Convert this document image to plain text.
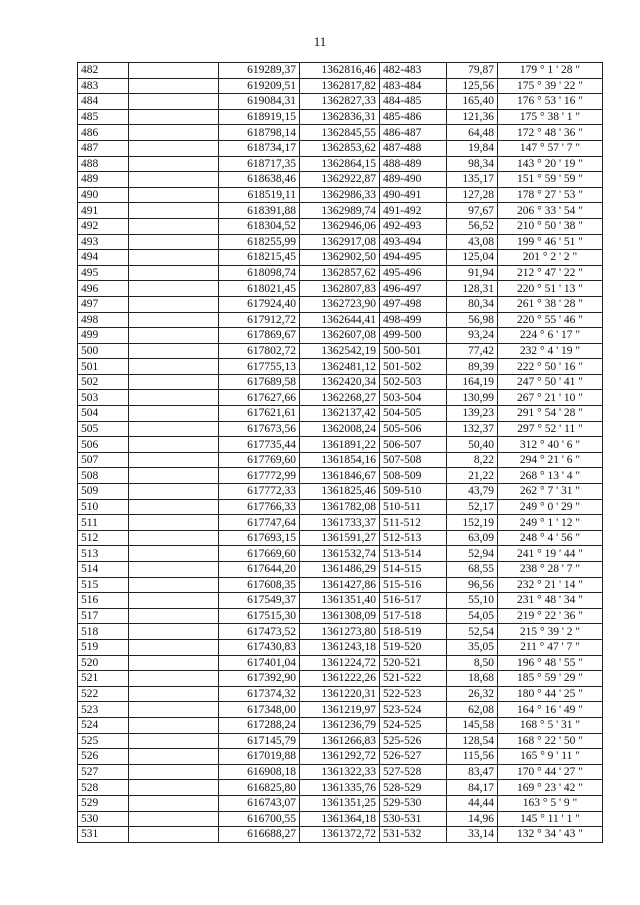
11
482		619289,37	1362816,46	482-483	79,87	179 ° 1 ' 28 "
483		619209,51	1362817,82	483-484	125,56	175 ° 39 ' 22 "
484		619084,31	1362827,33	484-485	165,40	176 ° 53 ' 16 "
485		618919,15	1362836,31	485-486	121,36	175 ° 38 ' 1 "
486		618798,14	1362845,55	486-487	64,48	172 ° 48 ' 36 "
487		618734,17	1362853,62	487-488	19,84	147 ° 57 ' 7 "
488		618717,35	1362864,15	488-489	98,34	143 ° 20 ' 19 "
489		618638,46	1362922,87	489-490	135,17	151 ° 59 ' 59 "
490		618519,11	1362986,33	490-491	127,28	178 ° 27 ' 53 "
491		618391,88	1362989,74	491-492	97,67	206 ° 33 ' 54 "
492		618304,52	1362946,06	492-493	56,52	210 ° 50 ' 38 "
493		618255,99	1362917,08	493-494	43,08	199 ° 46 ' 51 "
494		618215,45	1362902,50	494-495	125,04	201 ° 2 ' 2 "
495		618098,74	1362857,62	495-496	91,94	212 ° 47 ' 22 "
496		618021,45	1362807,83	496-497	128,31	220 ° 51 ' 13 "
497		617924,40	1362723,90	497-498	80,34	261 ° 38 ' 28 "
498		617912,72	1362644,41	498-499	56,98	220 ° 55 ' 46 "
499		617869,67	1362607,08	499-500	93,24	224 ° 6 ' 17 "
500		617802,72	1362542,19	500-501	77,42	232 ° 4 ' 19 "
501		617755,13	1362481,12	501-502	89,39	222 ° 50 ' 16 "
502		617689,58	1362420,34	502-503	164,19	247 ° 50 ' 41 "
503		617627,66	1362268,27	503-504	130,99	267 ° 21 ' 10 "
504		617621,61	1362137,42	504-505	139,23	291 ° 54 ' 28 "
505		617673,56	1362008,24	505-506	132,37	297 ° 52 ' 11 "
506		617735,44	1361891,22	506-507	50,40	312 ° 40 ' 6 "
507		617769,60	1361854,16	507-508	8,22	294 ° 21 ' 6 "
508		617772,99	1361846,67	508-509	21,22	268 ° 13 ' 4 "
509		617772,33	1361825,46	509-510	43,79	262 ° 7 ' 31 "
510		617766,33	1361782,08	510-511	52,17	249 ° 0 ' 29 "
511		617747,64	1361733,37	511-512	152,19	249 ° 1 ' 12 "
512		617693,15	1361591,27	512-513	63,09	248 ° 4 ' 56 "
513		617669,60	1361532,74	513-514	52,94	241 ° 19 ' 44 "
514		617644,20	1361486,29	514-515	68,55	238 ° 28 ' 7 "
515		617608,35	1361427,86	515-516	96,56	232 ° 21 ' 14 "
516		617549,37	1361351,40	516-517	55,10	231 ° 48 ' 34 "
517		617515,30	1361308,09	517-518	54,05	219 ° 22 ' 36 "
518		617473,52	1361273,80	518-519	52,54	215 ° 39 ' 2 "
519		617430,83	1361243,18	519-520	35,05	211 ° 47 ' 7 "
520		617401,04	1361224,72	520-521	8,50	196 ° 48 ' 55 "
521		617392,90	1361222,26	521-522	18,68	185 ° 59 ' 29 "
522		617374,32	1361220,31	522-523	26,32	180 ° 44 ' 25 "
523		617348,00	1361219,97	523-524	62,08	164 ° 16 ' 49 "
524		617288,24	1361236,79	524-525	145,58	168 ° 5 ' 31 "
525		617145,79	1361266,83	525-526	128,54	168 ° 22 ' 50 "
526		617019,88	1361292,72	526-527	115,56	165 ° 9 ' 11 "
527		616908,18	1361322,33	527-528	83,47	170 ° 44 ' 27 "
528		616825,80	1361335,76	528-529	84,17	169 ° 23 ' 42 "
529		616743,07	1361351,25	529-530	44,44	163 ° 5 ' 9 "
530		616700,55	1361364,18	530-531	14,96	145 ° 11 ' 1 "
531		616688,27	1361372,72	531-532	33,14	132 ° 34 ' 43 "
